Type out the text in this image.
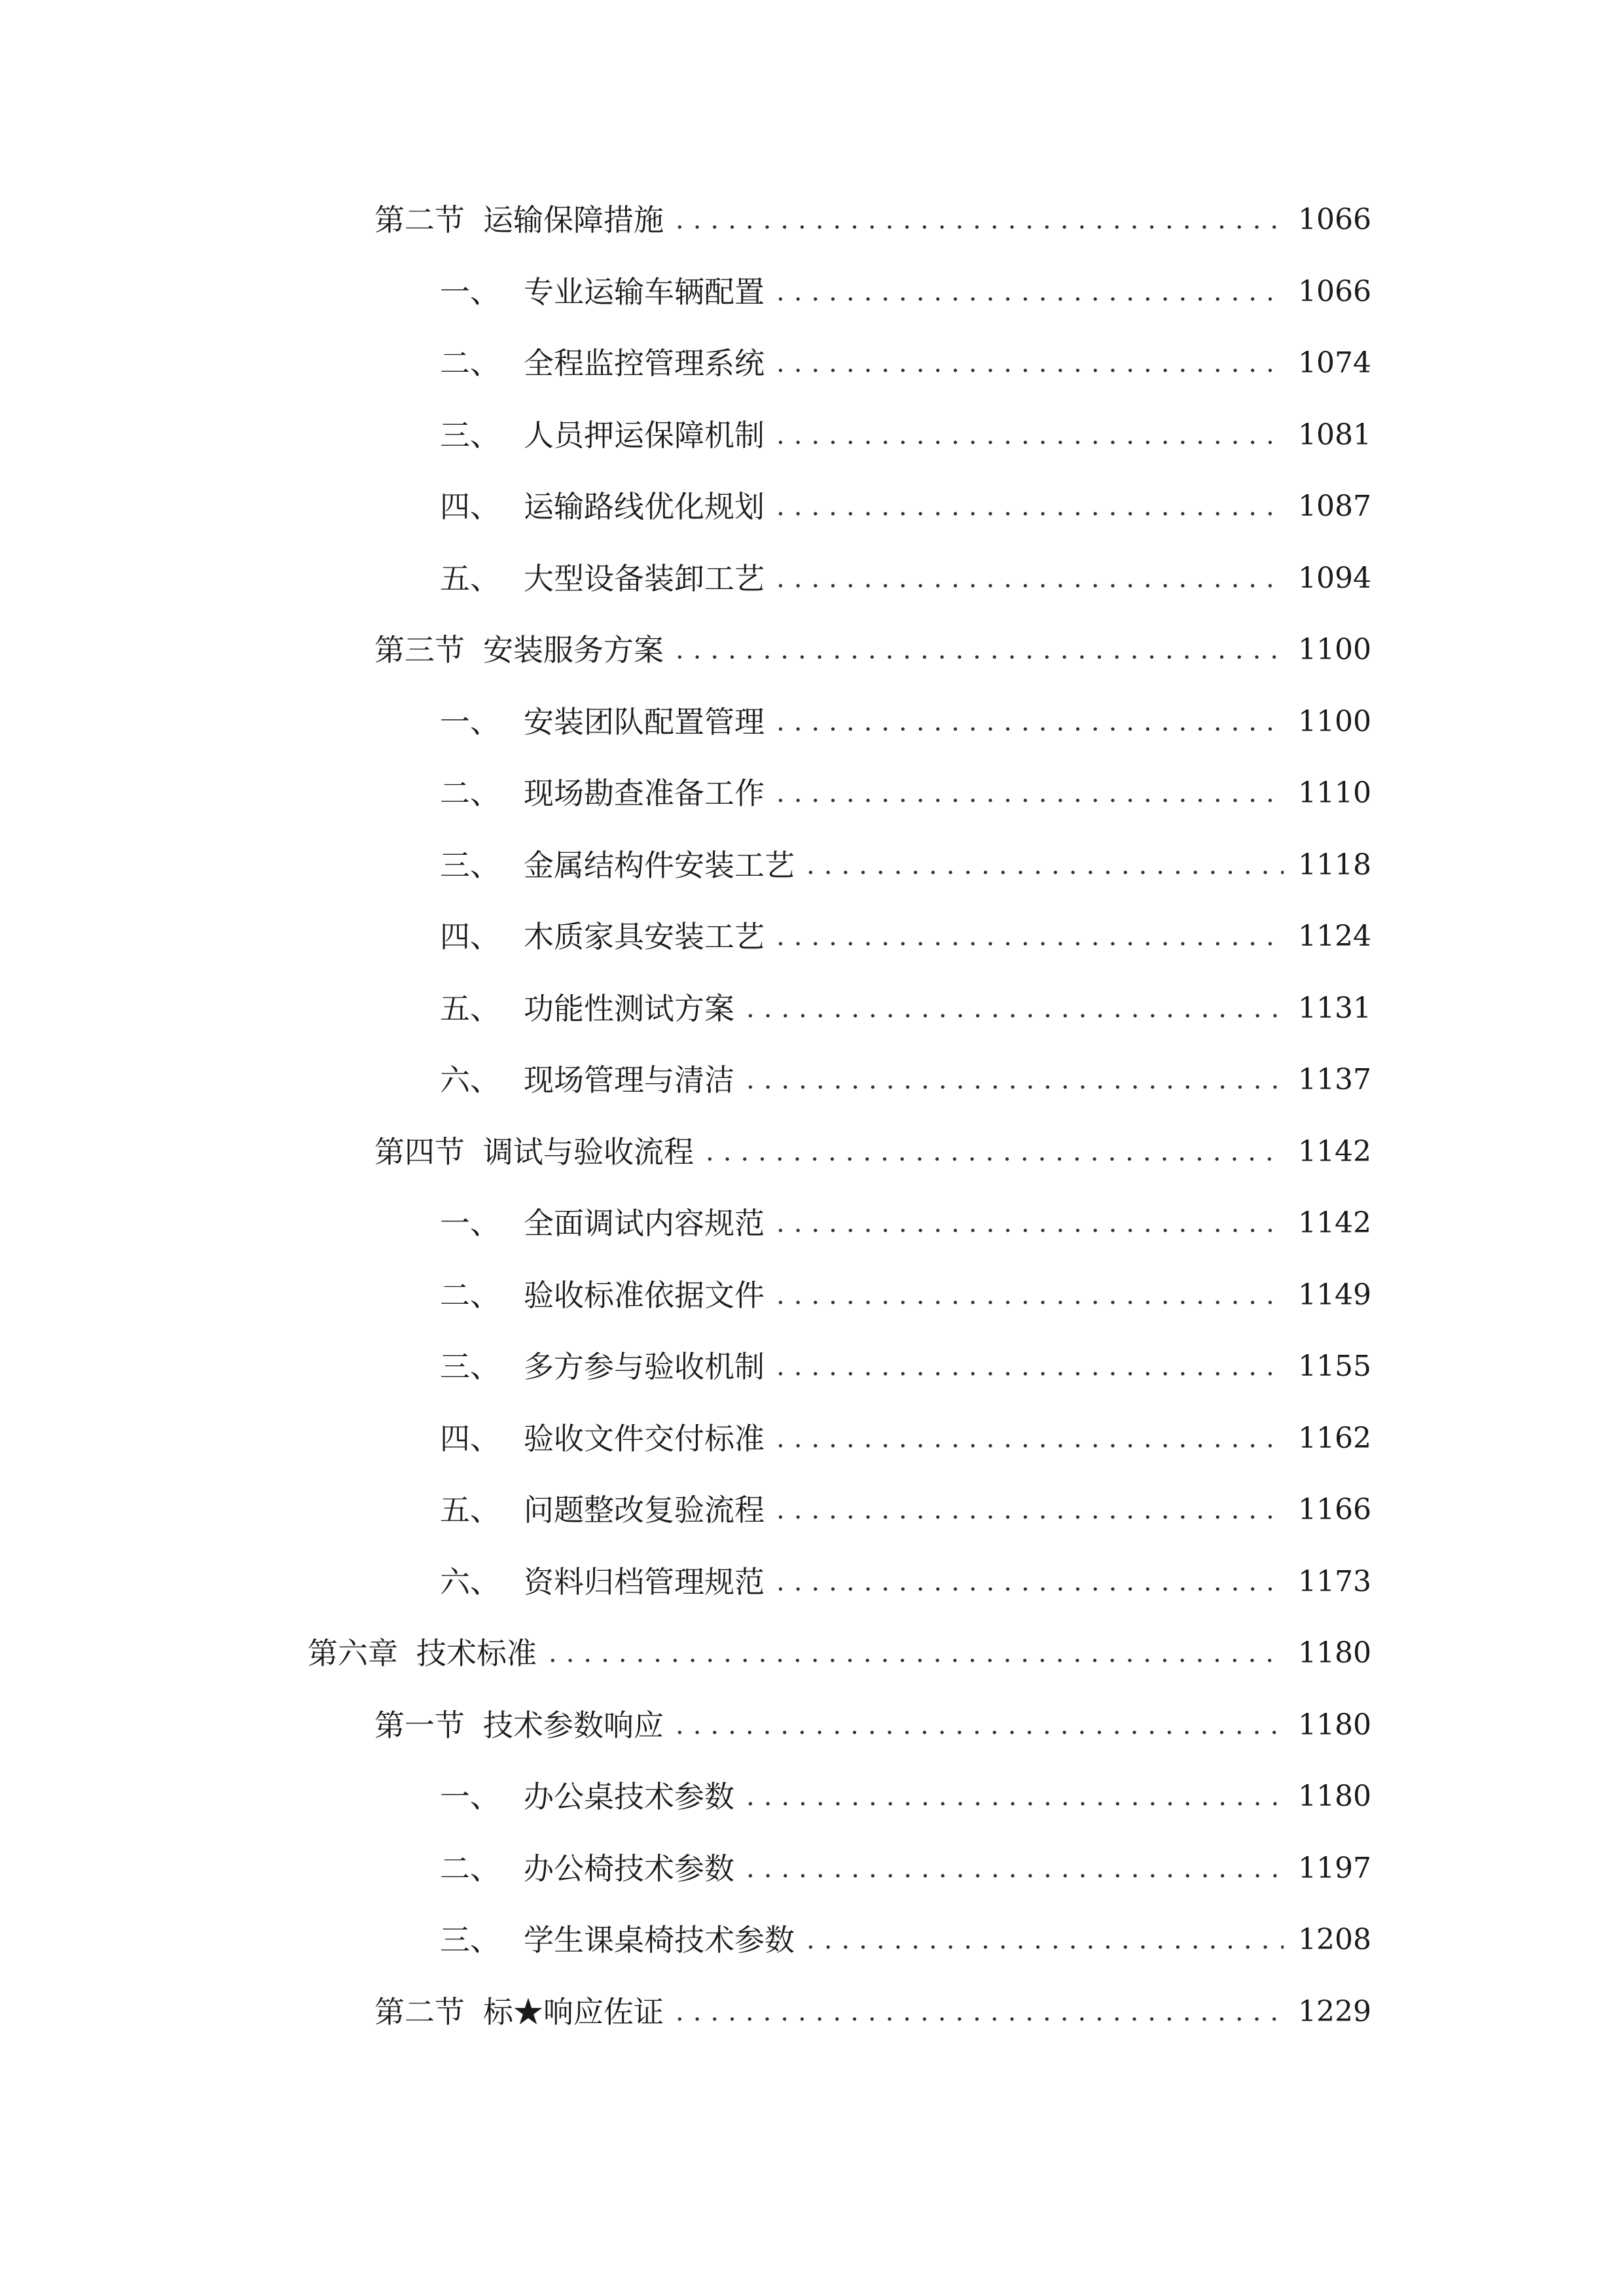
第二节 运输保障措施 .....	1066
一、 专业运输车辆配置 .....	1066
二、 全程监控管理系统 .....	1074
三、 人员押运保障机制 .....	1081
四、 运输路线优化规划 .....	1087
五、 大型设备装卸工艺 .....	1094
第三节 安装服务方案 .....	1100
一、 安装团队配置管理 .....	1100
二、 现场勘查准备工作 .....	1110
三、 金属结构件安装工艺 .....	1118
四、 木质家具安装工艺 .....	1124
五、 功能性测试方案 .....	1131
六、 现场管理与清洁 .....	1137
第四节 调试与验收流程 .....	1142
一、 全面调试内容规范 .....	1142
二、 验收标准依据文件 .....	1149
三、 多方参与验收机制 .....	1155
四、 验收文件交付标准 .....	1162
五、 问题整改复验流程 .....	1166
六、 资料归档管理规范 .....	1173
第六章 技术标准 .....	1180
第一节 技术参数响应 .....	1180
一、 办公桌技术参数 .....	1180
二、 办公椅技术参数 .....	1197
三、 学生课桌椅技术参数 .....	1208
第二节 标★响应佐证 .....	1229
